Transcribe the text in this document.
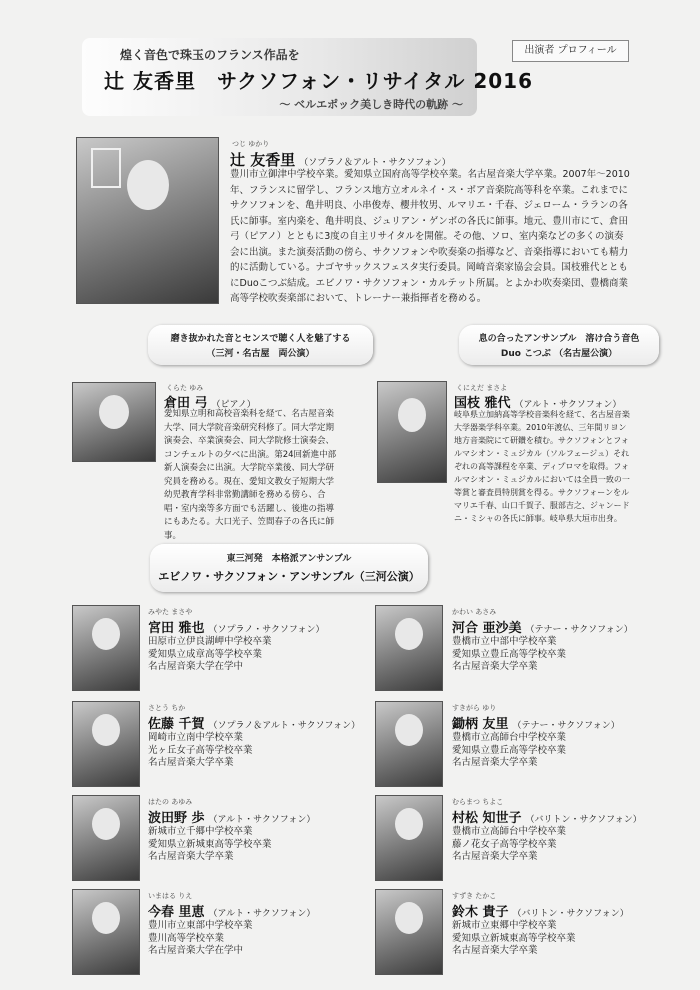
煌く音色で珠玉のフランス作品を
辻 友香里　サクソフォン・リサイタル 2016
～ ベルエポック美しき時代の軌跡 ～
出演者 プロフィール
つじ ゆかり
辻 友香里 （ソプラノ＆アルト・サクソフォン）
豊川市立御津中学校卒業。愛知県立国府高等学校卒業。名古屋音楽大学卒業。2007年～2010年、フランスに留学し、フランス地方立オルネイ・ス・ボア音楽院高等科を卒業。これまでにサクソフォンを、亀井明良、小串俊寿、櫻井牧男、ルマリエ・千春、ジェローム・ラランの各氏に師事。室内楽を、亀井明良、ジュリアン・ゲンボの各氏に師事。地元、豊川市にて、倉田弓（ピアノ）とともに3度の自主リサイタルを開催。その他、ソロ、室内楽などの多くの演奏会に出演。また演奏活動の傍ら、サクソフォンや吹奏楽の指導など、音楽指導においても精力的に活動している。ナゴヤサックスフェスタ実行委員。岡崎音楽家協会会員。国枝雅代とともにDuoこつぶ結成。エビノワ・サクソフォン・カルテット所属。とよかわ吹奏楽団、豊橋商業高等学校吹奏楽部において、トレーナー兼指揮者を務める。
磨き抜かれた音とセンスで聴く人を魅了する
（三河・名古屋　両公演）
息の合ったアンサンブル　溶け合う音色
Duo こつぶ （名古屋公演）
くらた ゆみ
倉田 弓 （ピアノ）
愛知県立明和高校音楽科を経て、名古屋音楽大学、同大学院音楽研究科修了。同大学定期演奏会、卒業演奏会、同大学院修士演奏会、コンチェルトの夕べに出演。第24回新進中部新人演奏会に出演。大学院卒業後、同大学研究員を務める。現在、愛知文教女子短期大学幼児教育学科非常勤講師を務める傍ら、合唱・室内楽等多方面でも活躍し、後進の指導にもあたる。大口光子、笠間春子の各氏に師事。
くにえだ まさよ
国枝 雅代 （アルト・サクソフォン）
岐阜県立加納高等学校音楽科を経て、名古屋音楽大学器楽学科卒業。2010年渡仏、三年間リヨン地方音楽院にて研鑽を積む。サクソフォンとフォルマシオン・ミュジカル（ソルフェージュ）それぞれの高等課程を卒業、ディプロマを取得。フォルマシオン・ミュジカルにおいては全員一致の一等賞と審査員特別賞を得る。サクソフォーンをルマリエ千春、山口千賀子、服部吉之、ジャンードニ・ミシャの各氏に師事。岐阜県大垣市出身。
東三河発　本格派アンサンブル
エビノワ・サクソフォン・アンサンブル（三河公演）
みやた まさや
宮田 雅也 （ソプラノ・サクソフォン）
田原市立伊良湖岬中学校卒業
愛知県立成章高等学校卒業
名古屋音楽大学在学中
かわい あさみ
河合 亜沙美 （テナー・サクソフォン）
豊橋市立中部中学校卒業
愛知県立豊丘高等学校卒業
名古屋音楽大学卒業
さとう ちか
佐藤 千賀 （ソプラノ＆アルト・サクソフォン）
岡崎市立南中学校卒業
光ヶ丘女子高等学校卒業
名古屋音楽大学卒業
すきがら ゆり
鋤柄 友里 （テナー・サクソフォン）
豊橋市立高師台中学校卒業
愛知県立豊丘高等学校卒業
名古屋音楽大学卒業
はたの あゆみ
波田野 歩 （アルト・サクソフォン）
新城市立千郷中学校卒業
愛知県立新城東高等学校卒業
名古屋音楽大学卒業
むらまつ ちよこ
村松 知世子 （バリトン・サクソフォン）
豊橋市立高師台中学校卒業
藤ノ花女子高等学校卒業
名古屋音楽大学卒業
いまはる りえ
今春 里恵 （アルト・サクソフォン）
豊川市立東部中学校卒業
豊川高等学校卒業
名古屋音楽大学在学中
すずき たかこ
鈴木 貴子 （バリトン・サクソフォン）
新城市立東郷中学校卒業
愛知県立新城東高等学校卒業
名古屋音楽大学卒業
